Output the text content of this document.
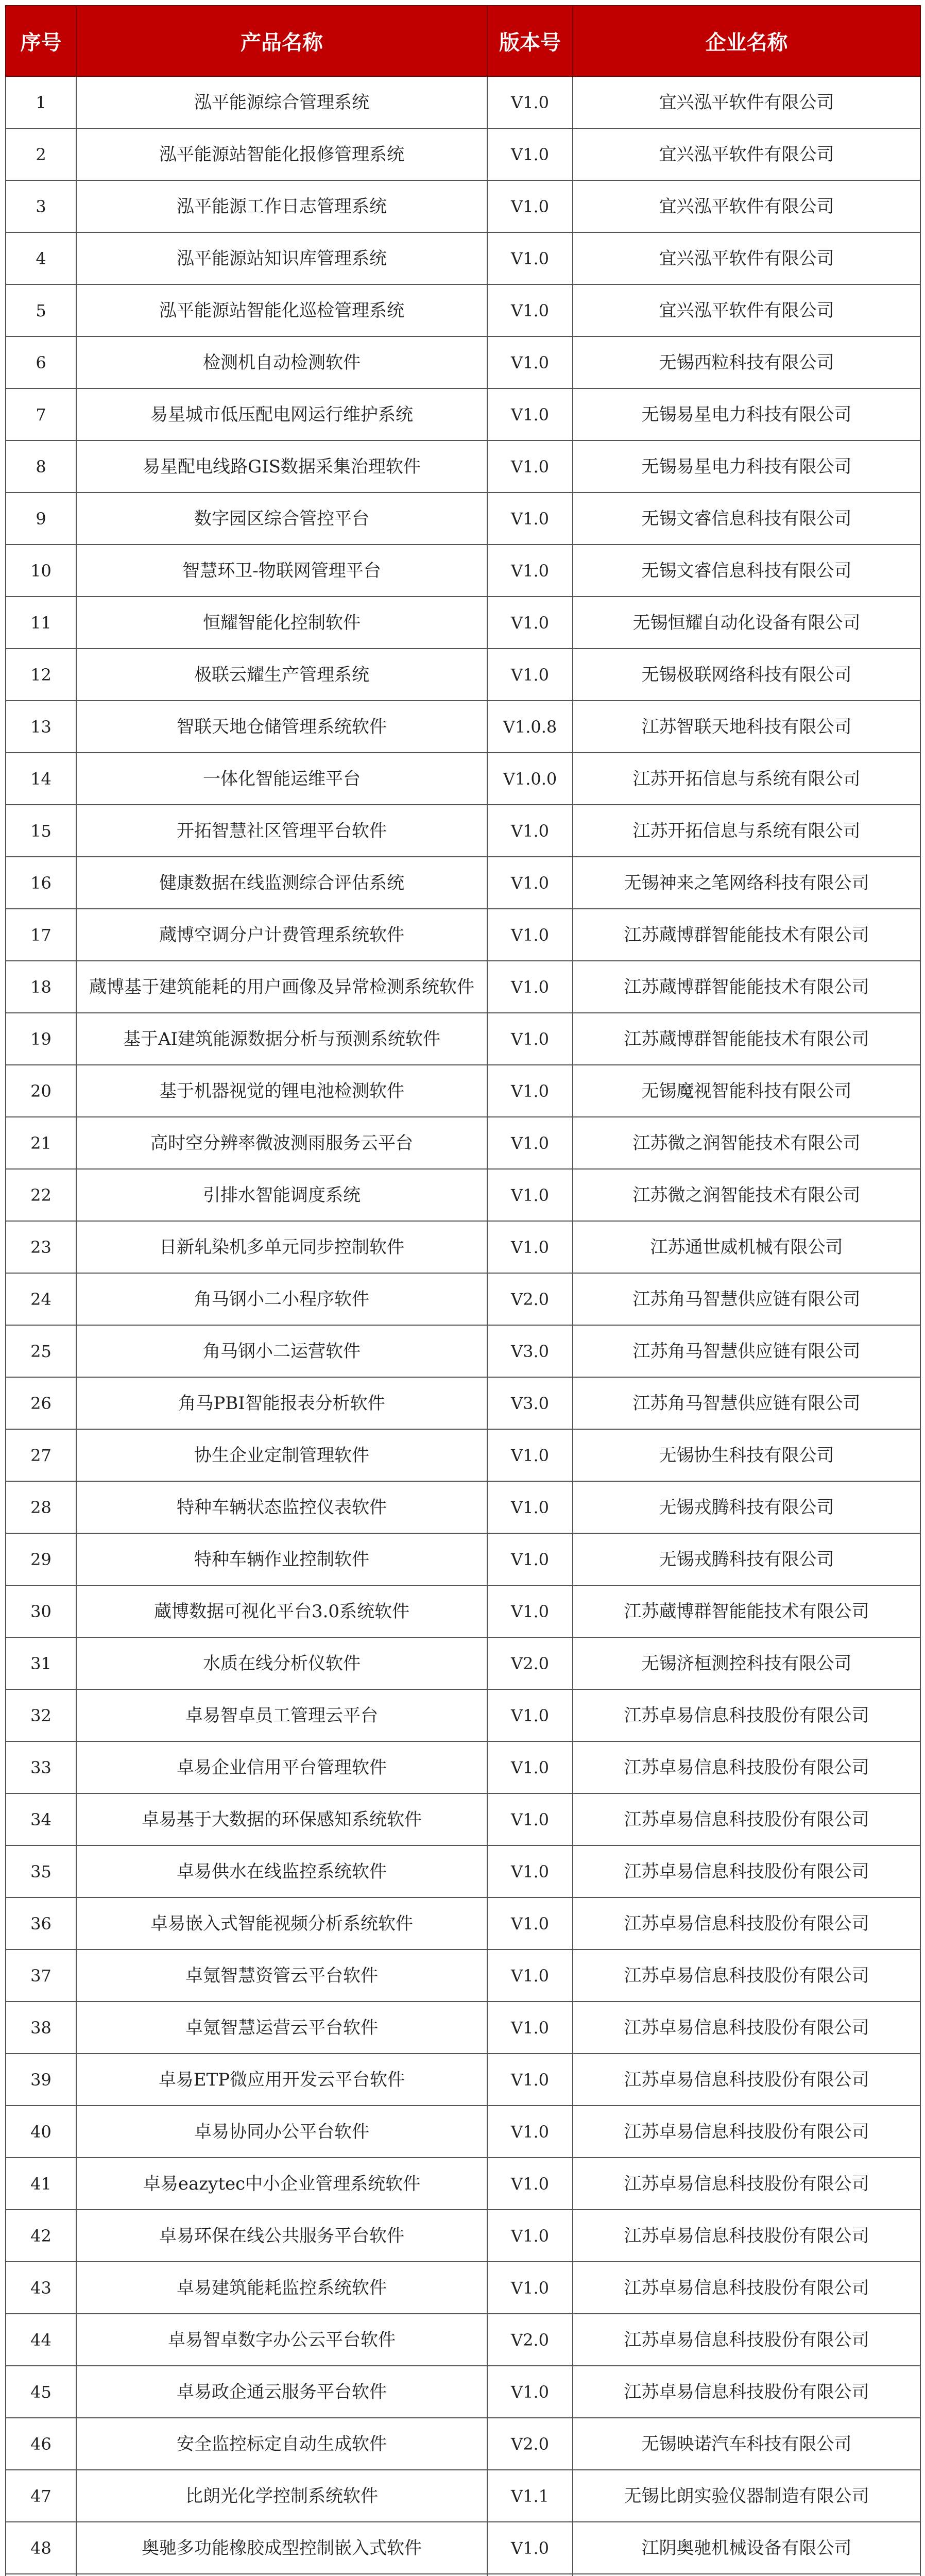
序号	产品名称	版本号	企业名称
1	泓平能源综合管理系统	V1.0	宜兴泓平软件有限公司
2	泓平能源站智能化报修管理系统	V1.0	宜兴泓平软件有限公司
3	泓平能源工作日志管理系统	V1.0	宜兴泓平软件有限公司
4	泓平能源站知识库管理系统	V1.0	宜兴泓平软件有限公司
5	泓平能源站智能化巡检管理系统	V1.0	宜兴泓平软件有限公司
6	检测机自动检测软件	V1.0	无锡西粒科技有限公司
7	易星城市低压配电网运行维护系统	V1.0	无锡易星电力科技有限公司
8	易星配电线路GIS数据采集治理软件	V1.0	无锡易星电力科技有限公司
9	数字园区综合管控平台	V1.0	无锡文睿信息科技有限公司
10	智慧环卫-物联网管理平台	V1.0	无锡文睿信息科技有限公司
11	恒耀智能化控制软件	V1.0	无锡恒耀自动化设备有限公司
12	极联云耀生产管理系统	V1.0	无锡极联网络科技有限公司
13	智联天地仓储管理系统软件	V1.0.8	江苏智联天地科技有限公司
14	一体化智能运维平台	V1.0.0	江苏开拓信息与系统有限公司
15	开拓智慧社区管理平台软件	V1.0	江苏开拓信息与系统有限公司
16	健康数据在线监测综合评估系统	V1.0	无锡神来之笔网络科技有限公司
17	蔵博空调分户计费管理系统软件	V1.0	江苏蔵博群智能能技术有限公司
18	蔵博基于建筑能耗的用户画像及异常检测系统软件	V1.0	江苏蔵博群智能能技术有限公司
19	基于AI建筑能源数据分析与预测系统软件	V1.0	江苏蔵博群智能能技术有限公司
20	基于机器视觉的锂电池检测软件	V1.0	无锡魔视智能科技有限公司
21	高时空分辨率微波测雨服务云平台	V1.0	江苏微之润智能技术有限公司
22	引排水智能调度系统	V1.0	江苏微之润智能技术有限公司
23	日新轧染机多单元同步控制软件	V1.0	江苏通世威机械有限公司
24	角马钢小二小程序软件	V2.0	江苏角马智慧供应链有限公司
25	角马钢小二运营软件	V3.0	江苏角马智慧供应链有限公司
26	角马PBI智能报表分析软件	V3.0	江苏角马智慧供应链有限公司
27	协生企业定制管理软件	V1.0	无锡协生科技有限公司
28	特种车辆状态监控仪表软件	V1.0	无锡戎腾科技有限公司
29	特种车辆作业控制软件	V1.0	无锡戎腾科技有限公司
30	蔵博数据可视化平台3.0系统软件	V1.0	江苏蔵博群智能能技术有限公司
31	水质在线分析仪软件	V2.0	无锡济桓测控科技有限公司
32	卓易智卓员工管理云平台	V1.0	江苏卓易信息科技股份有限公司
33	卓易企业信用平台管理软件	V1.0	江苏卓易信息科技股份有限公司
34	卓易基于大数据的环保感知系统软件	V1.0	江苏卓易信息科技股份有限公司
35	卓易供水在线监控系统软件	V1.0	江苏卓易信息科技股份有限公司
36	卓易嵌入式智能视频分析系统软件	V1.0	江苏卓易信息科技股份有限公司
37	卓氪智慧资管云平台软件	V1.0	江苏卓易信息科技股份有限公司
38	卓氪智慧运营云平台软件	V1.0	江苏卓易信息科技股份有限公司
39	卓易ETP微应用开发云平台软件	V1.0	江苏卓易信息科技股份有限公司
40	卓易协同办公平台软件	V1.0	江苏卓易信息科技股份有限公司
41	卓易eazytec中小企业管理系统软件	V1.0	江苏卓易信息科技股份有限公司
42	卓易环保在线公共服务平台软件	V1.0	江苏卓易信息科技股份有限公司
43	卓易建筑能耗监控系统软件	V1.0	江苏卓易信息科技股份有限公司
44	卓易智卓数字办公云平台软件	V2.0	江苏卓易信息科技股份有限公司
45	卓易政企通云服务平台软件	V1.0	江苏卓易信息科技股份有限公司
46	安全监控标定自动生成软件	V2.0	无锡映诺汽车科技有限公司
47	比朗光化学控制系统软件	V1.1	无锡比朗实验仪器制造有限公司
48	奥驰多功能橡胶成型控制嵌入式软件	V1.0	江阴奥驰机械设备有限公司
